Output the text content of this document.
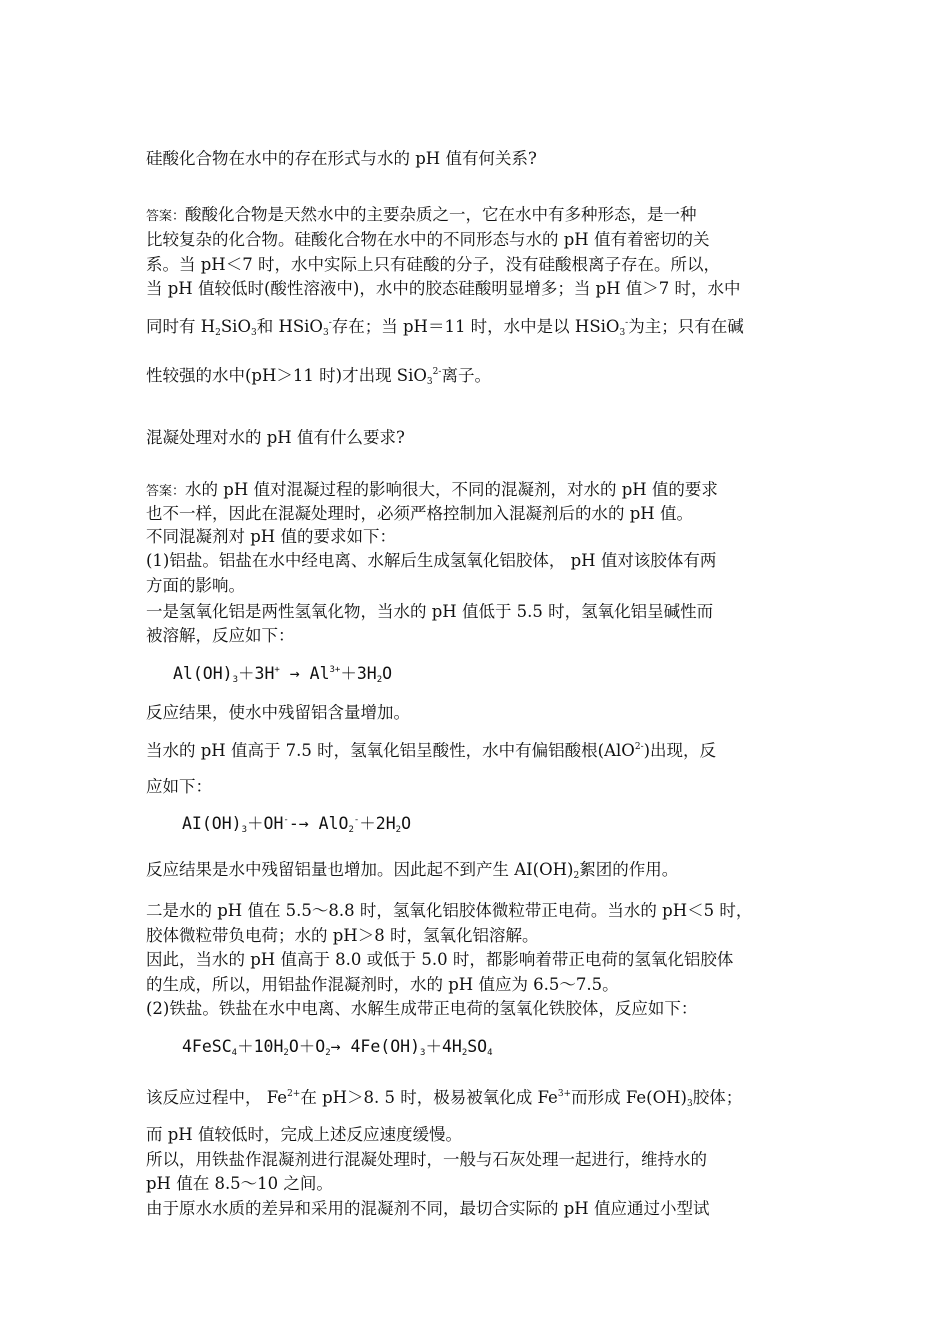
硅酸化合物在水中的存在形式与水的 pH 值有何关系?
答案：酸酸化合物是天然水中的主要杂质之一，它在水中有多种形态，是一种
比较复杂的化合物。硅酸化合物在水中的不同形态与水的 pH 值有着密切的关
系。当 pH＜7 时，水中实际上只有硅酸的分子，没有硅酸根离子存在。所以，
当 pH 值较低时(酸性溶液中)，水中的胶态硅酸明显增多；当 pH 值＞7 时，水中
同时有 $H_2SiO_3$和 HSiO$_3$-存在；当 pH＝11 时，水中是以 HSiO$_3$-为主；只有在碱
性较强的水中(pH＞11 时)才出现 SiO$_3^{2-}$离子。
混凝处理对水的 pH 值有什么要求?
答案：水的 pH 值对混凝过程的影响很大，不同的混凝剂，对水的 pH 值的要求
也不一样，因此在混凝处理时，必须严格控制加入混凝剂后的水的 pH 值。
不同混凝剂对 pH 值的要求如下：
(1)铝盐。铝盐在水中经电离、水解后生成氢氧化铝胶体， pH 值对该胶体有两
方面的影响。
一是氢氧化铝是两性氢氧化物，当水的 pH 值低于 5.5 时，氢氧化铝呈碱性而
被溶解，反应如下：
$Al(OH)_3+3H^+ \to Al^{3+}+3H_2O$
反应结果，使水中残留铝含量增加。
当水的 pH 值高于 7.5 时，氢氧化铝呈酸性，水中有偏铝酸根(AlO$^{2-}$)出现，反
应如下：
$AI(OH)_3+OH^--\to AlO_2^-+2H_2O$
反应结果是水中残留铝量也增加。因此起不到产生 $AI(OH)_2$絮团的作用。
二是水的 pH 值在 5.5～8.8 时，氢氧化铝胶体微粒带正电荷。当水的 pH＜5 时，
胶体微粒带负电荷；水的 pH＞8 时，氢氧化铝溶解。
因此，当水的 pH 值高于 8.0 或低于 5.0 时，都影响着带正电荷的氢氧化铝胶体
的生成，所以，用铝盐作混凝剂时，水的 pH 值应为 6.5～7.5。
(2)铁盐。铁盐在水中电离、水解生成带正电荷的氢氧化铁胶体，反应如下：
$4FeSC_4+10H_2O+O_2\to 4Fe(OH)_3+4H_2SO_4$
该反应过程中， $Fe^{2+}$在 pH＞8. 5 时，极易被氧化成 $Fe^{3+}$而形成 $Fe(OH)_3$胶体；
而 pH 值较低时，完成上述反应速度缓慢。
所以，用铁盐作混凝剂进行混凝处理时，一般与石灰处理一起进行，维持水的
pH 值在 8.5～10 之间。
由于原水水质的差异和采用的混凝剂不同，最切合实际的 pH 值应通过小型试
